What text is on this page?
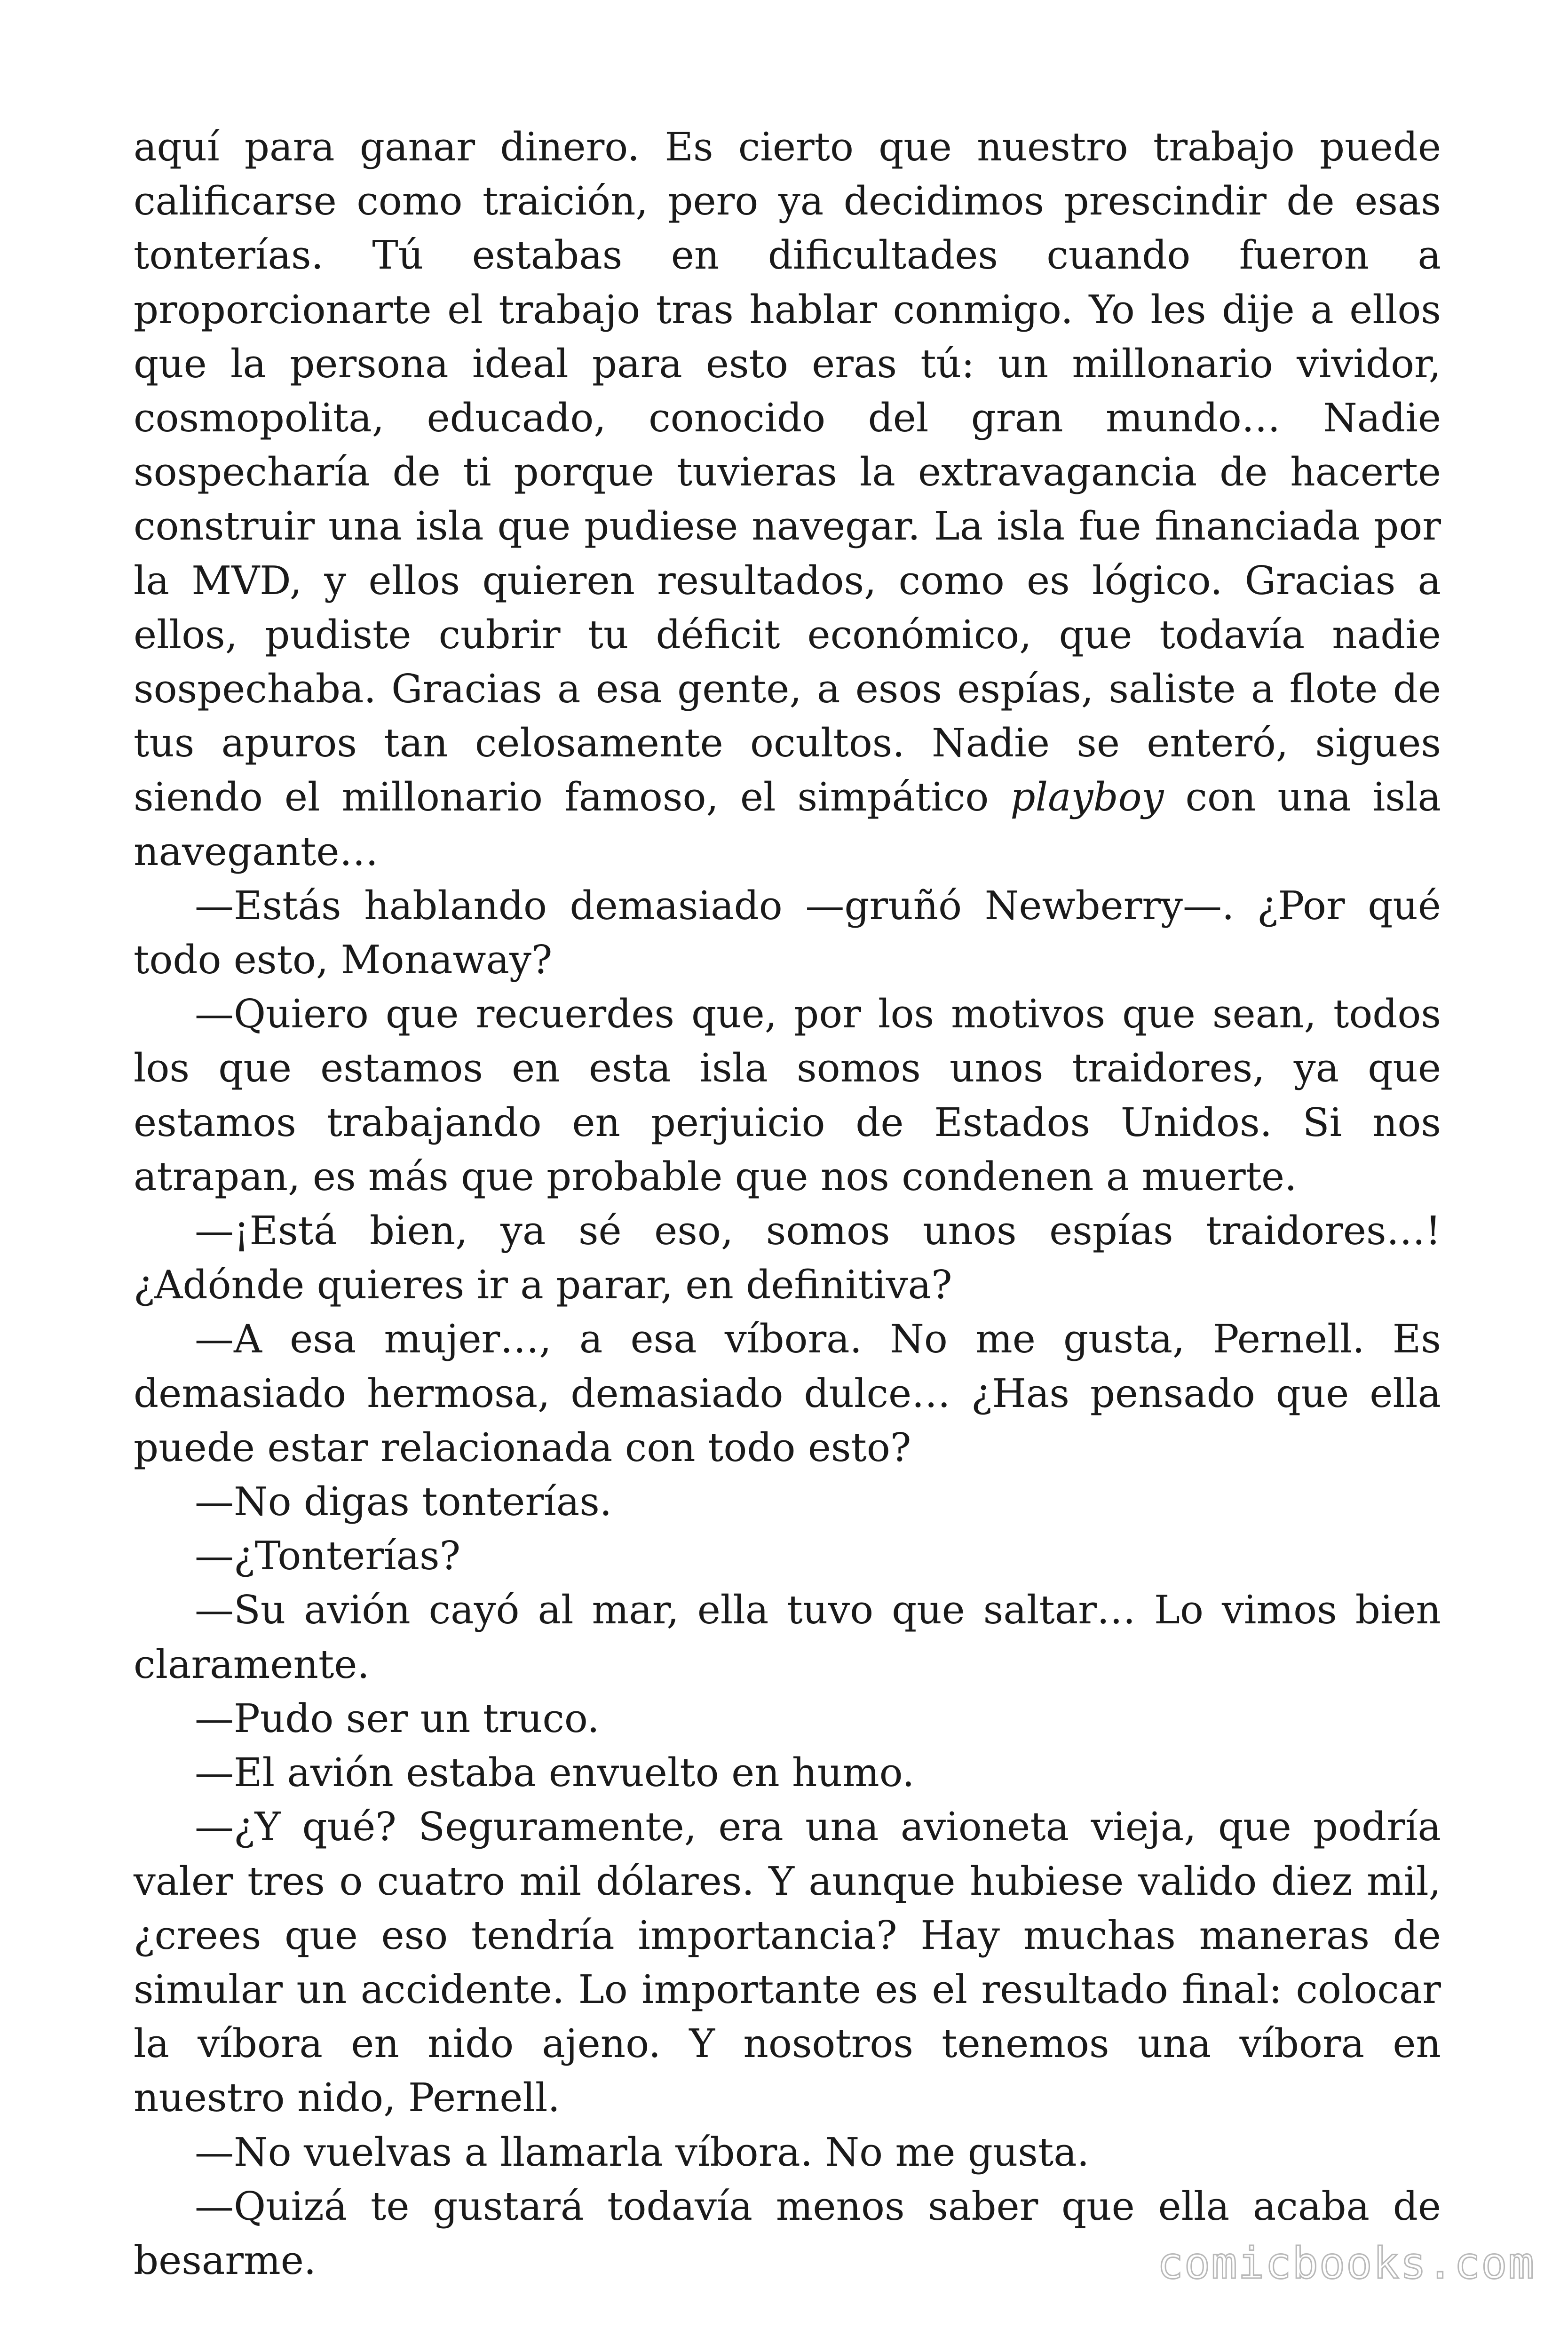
aquí para ganar dinero. Es cierto que nuestro trabajo puede calificarse como traición, pero ya decidimos prescindir de esas tonterías. Tú estabas en dificultades cuando fueron a proporcionarte el trabajo tras hablar conmigo. Yo les dije a ellos que la persona ideal para esto eras tú: un millonario vividor, cosmopolita, educado, conocido del gran mundo… Nadie sospecharía de ti porque tuvieras la extravagancia de hacerte construir una isla que pudiese navegar. La isla fue financiada por la MVD, y ellos quieren resultados, como es lógico. Gracias a ellos, pudiste cubrir tu déficit económico, que todavía nadie sospechaba. Gracias a esa gente, a esos espías, saliste a flote de tus apuros tan celosamente ocultos. Nadie se enteró, sigues siendo el millonario famoso, el simpático playboy con una isla navegante…

—Estás hablando demasiado —gruñó Newberry—. ¿Por qué todo esto, Monaway?

—Quiero que recuerdes que, por los motivos que sean, todos los que estamos en esta isla somos unos traidores, ya que estamos trabajando en perjuicio de Estados Unidos. Si nos atrapan, es más que probable que nos condenen a muerte.

—¡Está bien, ya sé eso, somos unos espías traidores…! ¿Adónde quieres ir a parar, en definitiva?

—A esa mujer…, a esa víbora. No me gusta, Pernell. Es demasiado hermosa, demasiado dulce… ¿Has pensado que ella puede estar relacionada con todo esto?

—No digas tonterías.

—¿Tonterías?

—Su avión cayó al mar, ella tuvo que saltar… Lo vimos bien claramente.

—Pudo ser un truco.

—El avión estaba envuelto en humo.

—¿Y qué? Seguramente, era una avioneta vieja, que podría valer tres o cuatro mil dólares. Y aunque hubiese valido diez mil, ¿crees que eso tendría importancia? Hay muchas maneras de simular un accidente. Lo importante es el resultado final: colocar la víbora en nido ajeno. Y nosotros tenemos una víbora en nuestro nido, Pernell.

—No vuelvas a llamarla víbora. No me gusta.

—Quizá te gustará todavía menos saber que ella acaba de besarme.	comicbooks.com
